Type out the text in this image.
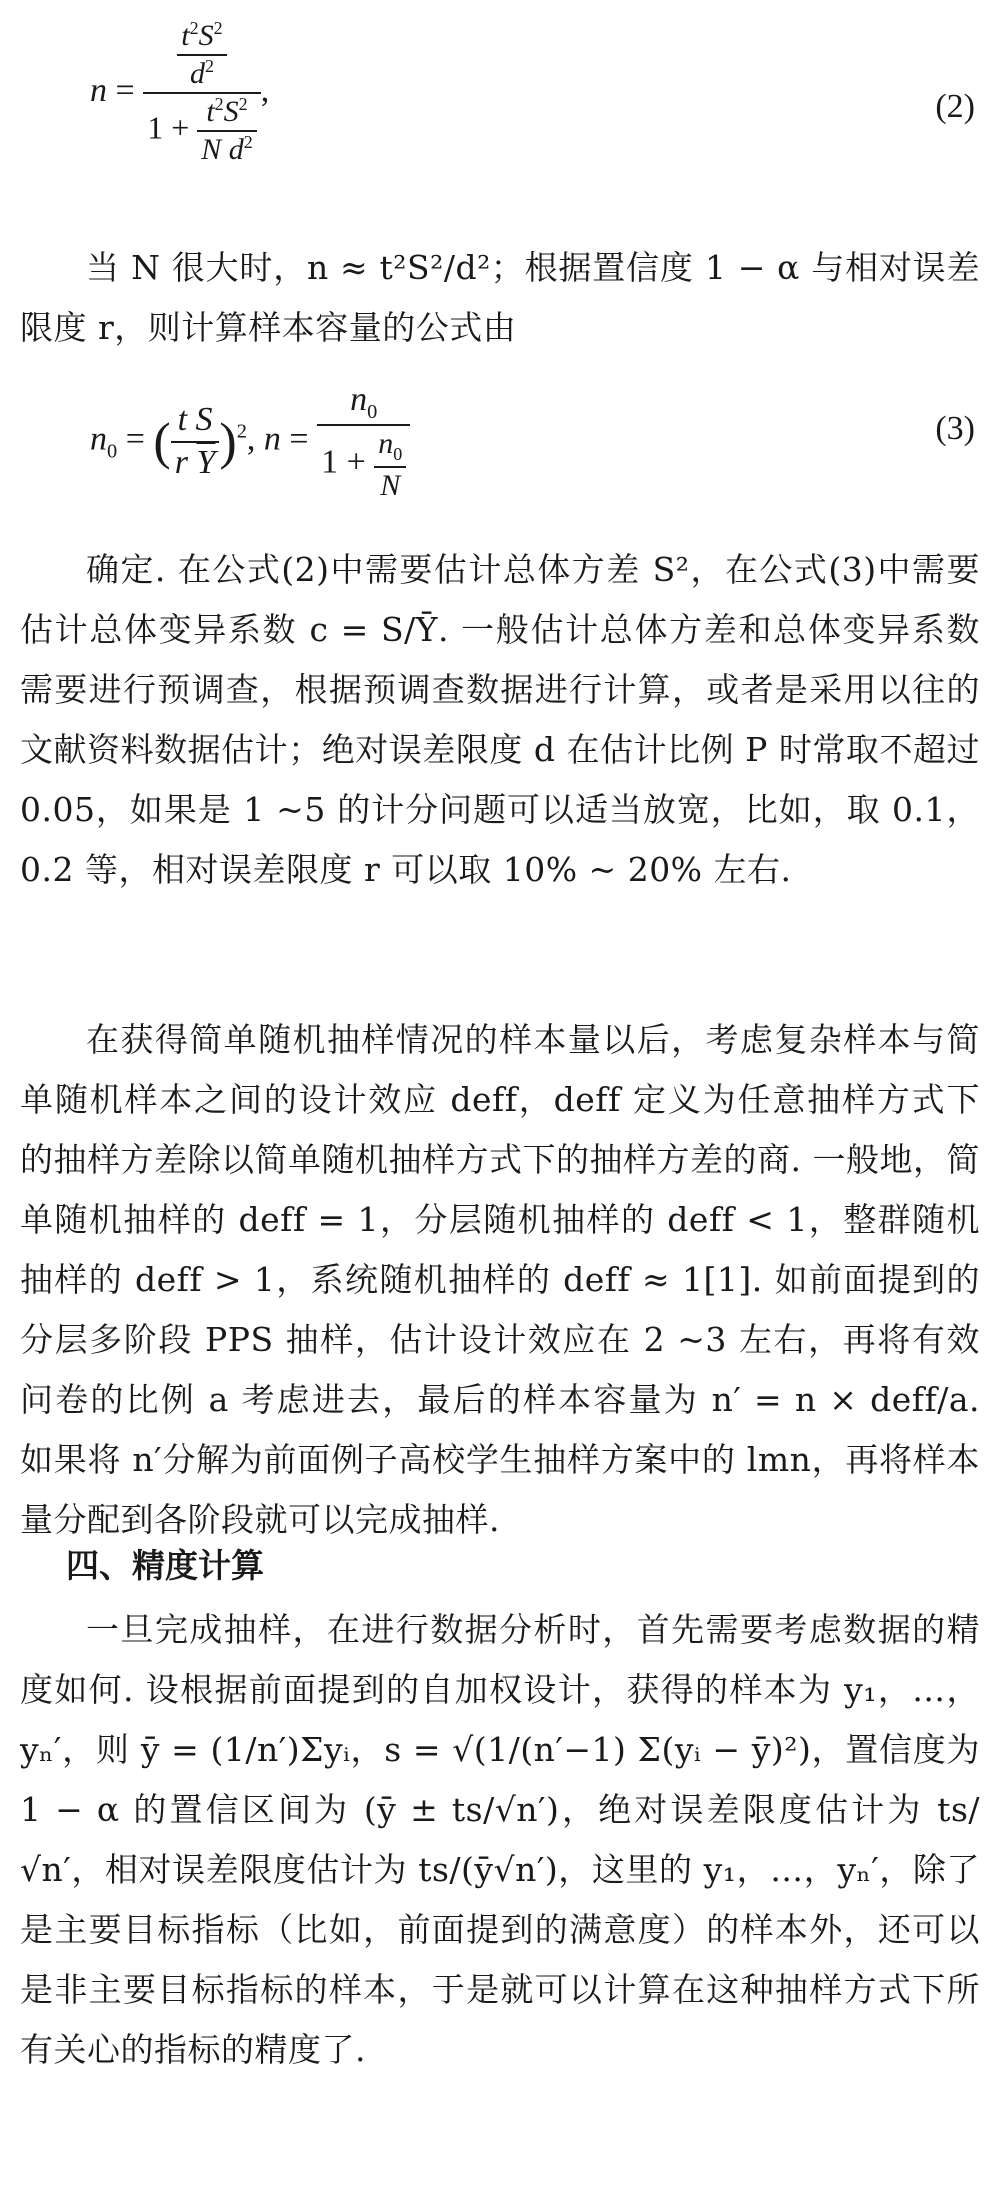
$n = \frac{\frac{t^2S^2}{d^2}}{1 + \frac{t^2S^2}{N d^2}}$ ,	(2)
当 N 很大时，n ≈ t²S²/d²；根据置信度 1 − α 与相对误差限度 r，则计算样本容量的公式由
$n_0$ = ( $\frac{\text{t S}}{r \overline{Y}} )^2$, $n = \frac{n_0}{1 + \frac{n_0}{N}}$	(3)
确定. 在公式(2)中需要估计总体方差 S²，在公式(3)中需要估计总体变异系数 c = S/Ȳ. 一般估计总体方差和总体变异系数需要进行预调查，根据预调查数据进行计算，或者是采用以往的文献资料数据估计；绝对误差限度 d 在估计比例 P 时常取不超过 0.05，如果是 1 ~5 的计分问题可以适当放宽，比如，取 0.1，0.2 等，相对误差限度 r 可以取 10% ~ 20% 左右.
在获得简单随机抽样情况的样本量以后，考虑复杂样本与简单随机样本之间的设计效应 deff，deff 定义为任意抽样方式下的抽样方差除以简单随机抽样方式下的抽样方差的商. 一般地，简单随机抽样的 deff = 1，分层随机抽样的 deff < 1，整群随机抽样的 deff > 1，系统随机抽样的 deff ≈ 1[1]. 如前面提到的分层多阶段 PPS 抽样，估计设计效应在 2 ~3 左右，再将有效问卷的比例 a 考虑进去，最后的样本容量为 n′ = n × deff/a. 如果将 n′分解为前面例子高校学生抽样方案中的 lmn，再将样本量分配到各阶段就可以完成抽样.
四、精度计算
一旦完成抽样，在进行数据分析时，首先需要考虑数据的精度如何. 设根据前面提到的自加权设计，获得的样本为 y₁，…，yₙ′，则 ȳ = (1/n′)Σyᵢ，s = √(1/(n′−1) Σ(yᵢ − ȳ)²)，置信度为 1 − α 的置信区间为 (ȳ ± ts/√n′)，绝对误差限度估计为 ts/√n′，相对误差限度估计为 ts/(ȳ√n′)，这里的 y₁，…，yₙ′，除了是主要目标指标（比如，前面提到的满意度）的样本外，还可以是非主要目标指标的样本，于是就可以计算在这种抽样方式下所有关心的指标的精度了.
